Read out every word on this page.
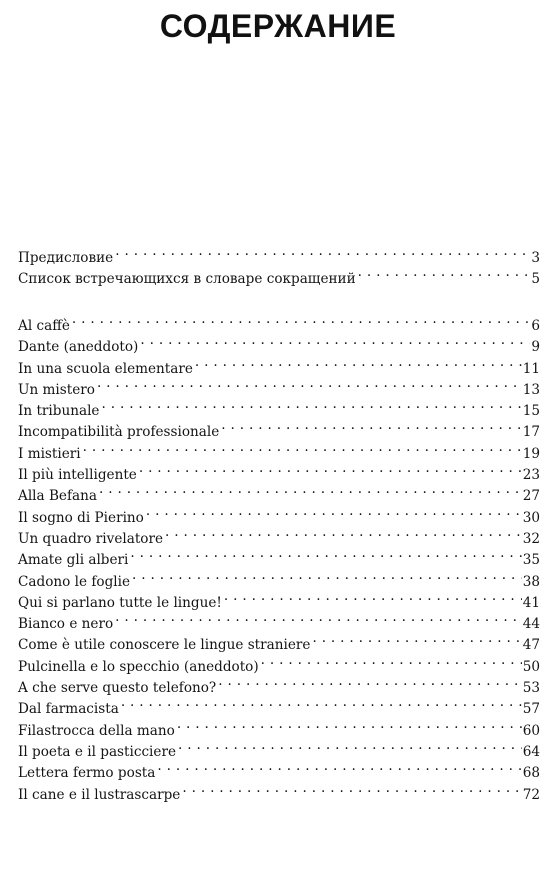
СОДЕРЖАНИЕ
Предисловие . . .	3
Список встречающихся в словаре сокращений . . .	5
Al caffè . . .	6
Dante (aneddoto) . . .	9
In una scuola elementare . . .	11
Un mistero . . .	13
In tribunale . . .	15
Incompatibilità professionale . . .	17
I mistieri . . .	19
Il più intelligente . . .	23
Alla Befana . . .	27
Il sogno di Pierino . . .	30
Un quadro rivelatore . . .	32
Amate gli alberi . . .	35
Cadono le foglie . . .	38
Qui si parlano tutte le lingue! . . .	41
Bianco e nero . . .	44
Come è utile conoscere le lingue straniere . . .	47
Pulcinella e lo specchio (aneddoto) . . .	50
A che serve questo telefono? . . .	53
Dal farmacista . . .	57
Filastrocca della mano . . .	60
Il poeta e il pasticciere . . .	64
Lettera fermo posta . . .	68
Il cane e il lustrascarpe . . .	72
